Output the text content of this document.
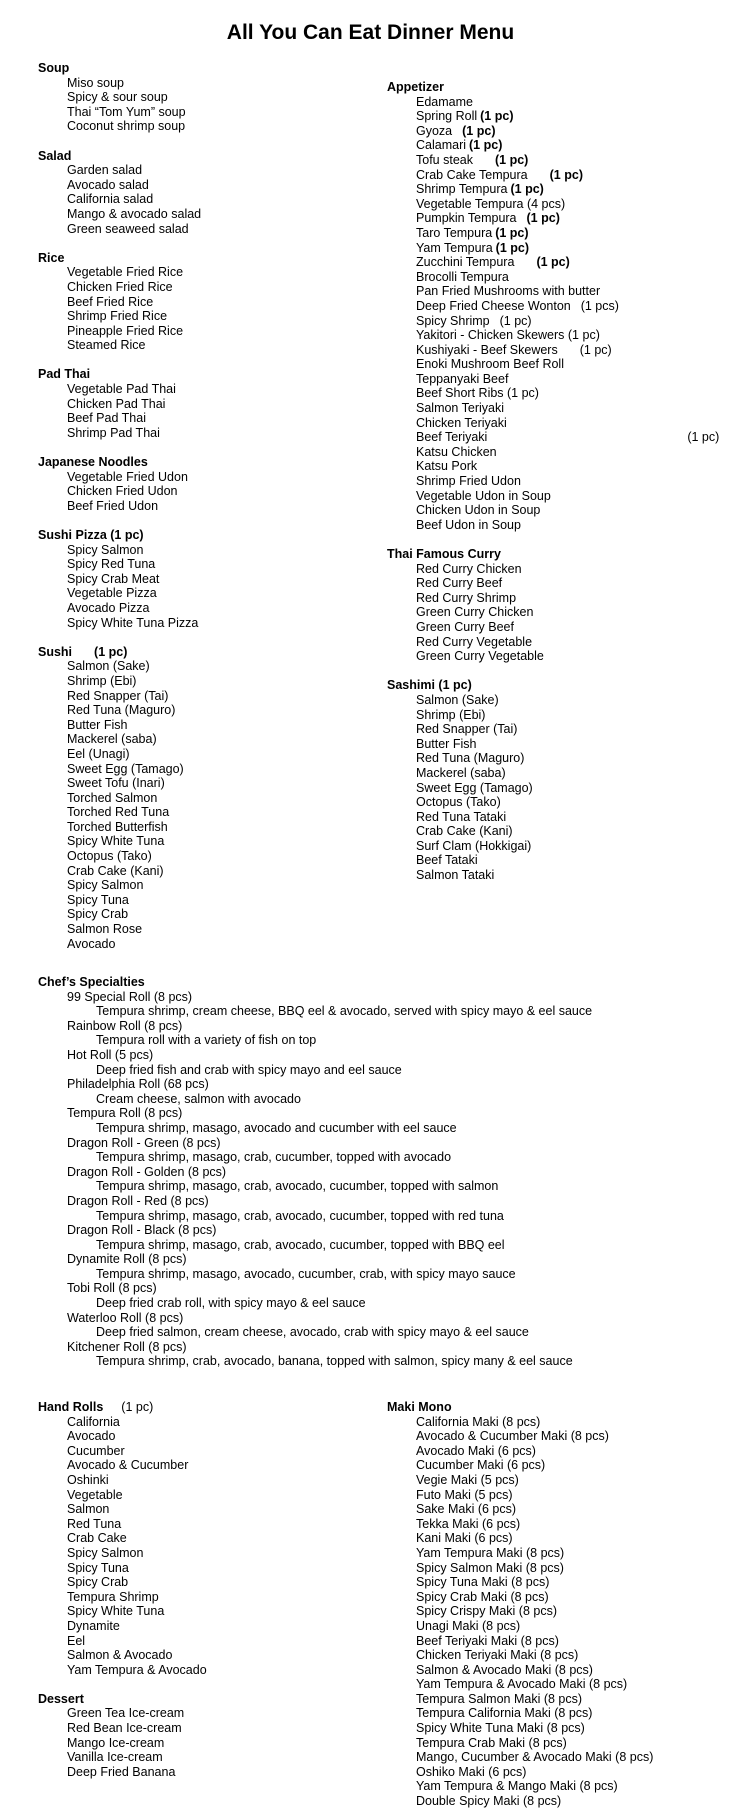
All You Can Eat Dinner Menu
Soup
Miso soup
Spicy & sour soup
Thai “Tom Yum” soup
Coconut shrimp soup
Salad
Garden salad
Avocado salad
California salad
Mango & avocado salad
Green seaweed salad
Rice
Vegetable Fried Rice
Chicken Fried Rice
Beef Fried Rice
Shrimp Fried Rice
Pineapple Fried Rice
Steamed Rice
Pad Thai
Vegetable Pad Thai
Chicken Pad Thai
Beef Pad Thai
Shrimp Pad Thai
Japanese Noodles
Vegetable Fried Udon
Chicken Fried Udon
Beef Fried Udon
Sushi Pizza (1 pc)
Spicy Salmon
Spicy Red Tuna
Spicy Crab Meat
Vegetable Pizza
Avocado Pizza
Spicy White Tuna Pizza
Sushi (1 pc)
Salmon (Sake)
Shrimp (Ebi)
Red Snapper (Tai)
Red Tuna (Maguro)
Butter Fish
Mackerel (saba)
Eel (Unagi)
Sweet Egg (Tamago)
Sweet Tofu (Inari)
Torched Salmon
Torched Red Tuna
Torched Butterfish
Spicy White Tuna
Octopus (Tako)
Crab Cake (Kani)
Spicy Salmon
Spicy Tuna
Spicy Crab
Salmon Rose
Avocado
Appetizer
Edamame
Spring Roll (1 pc)
Gyoza (1 pc)
Calamari (1 pc)
Tofu steak (1 pc)
Crab Cake Tempura (1 pc)
Shrimp Tempura (1 pc)
Vegetable Tempura (4 pcs)
Pumpkin Tempura (1 pc)
Taro Tempura (1 pc)
Yam Tempura (1 pc)
Zucchini Tempura (1 pc)
Brocolli Tempura
Pan Fried Mushrooms with butter
Deep Fried Cheese Wonton (1 pcs)
Spicy Shrimp (1 pc)
Yakitori - Chicken Skewers (1 pc)
Kushiyaki - Beef Skewers (1 pc)
Enoki Mushroom Beef Roll
Teppanyaki Beef
Beef Short Ribs (1 pc)
Salmon Teriyaki
Chicken Teriyaki
Beef Teriyaki	(1 pc)
Katsu Chicken
Katsu Pork
Shrimp Fried Udon
Vegetable Udon in Soup
Chicken Udon in Soup
Beef Udon in Soup
Thai Famous Curry
Red Curry Chicken
Red Curry Beef
Red Curry Shrimp
Green Curry Chicken
Green Curry Beef
Red Curry Vegetable
Green Curry Vegetable
Sashimi (1 pc)
Salmon (Sake)
Shrimp (Ebi)
Red Snapper (Tai)
Butter Fish
Red Tuna (Maguro)
Mackerel (saba)
Sweet Egg (Tamago)
Octopus (Tako)
Red Tuna Tataki
Crab Cake (Kani)
Surf Clam (Hokkigai)
Beef Tataki
Salmon Tataki
Chef’s Specialties
99 Special Roll (8 pcs)
Tempura shrimp, cream cheese, BBQ eel & avocado, served with spicy mayo & eel sauce
Rainbow Roll (8 pcs)
Tempura roll with a variety of fish on top
Hot Roll (5 pcs)
Deep fried fish and crab with spicy mayo and eel sauce
Philadelphia Roll (68 pcs)
Cream cheese, salmon with avocado
Tempura Roll (8 pcs)
Tempura shrimp, masago, avocado and cucumber with eel sauce
Dragon Roll - Green (8 pcs)
Tempura shrimp, masago, crab, cucumber, topped with avocado
Dragon Roll - Golden (8 pcs)
Tempura shrimp, masago, crab, avocado, cucumber, topped with salmon
Dragon Roll - Red (8 pcs)
Tempura shrimp, masago, crab, avocado, cucumber, topped with red tuna
Dragon Roll - Black (8 pcs)
Tempura shrimp, masago, crab, avocado, cucumber, topped with BBQ eel
Dynamite Roll (8 pcs)
Tempura shrimp, masago, avocado, cucumber, crab, with spicy mayo sauce
Tobi Roll (8 pcs)
Deep fried crab roll, with spicy mayo & eel sauce
Waterloo Roll (8 pcs)
Deep fried salmon, cream cheese, avocado, crab with spicy mayo & eel sauce
Kitchener Roll (8 pcs)
Tempura shrimp, crab, avocado, banana, topped with salmon, spicy many & eel sauce
Hand Rolls (1 pc)
California
Avocado
Cucumber
Avocado & Cucumber
Oshinki
Vegetable
Salmon
Red Tuna
Crab Cake
Spicy Salmon
Spicy Tuna
Spicy Crab
Tempura Shrimp
Spicy White Tuna
Dynamite
Eel
Salmon & Avocado
Yam Tempura & Avocado
Dessert
Green Tea Ice-cream
Red Bean Ice-cream
Mango Ice-cream
Vanilla Ice-cream
Deep Fried Banana
Maki Mono
California Maki (8 pcs)
Avocado & Cucumber Maki (8 pcs)
Avocado Maki (6 pcs)
Cucumber Maki (6 pcs)
Vegie Maki (5 pcs)
Futo Maki (5 pcs)
Sake Maki (6 pcs)
Tekka Maki (6 pcs)
Kani Maki (6 pcs)
Yam Tempura Maki (8 pcs)
Spicy Salmon Maki (8 pcs)
Spicy Tuna Maki (8 pcs)
Spicy Crab Maki (8 pcs)
Spicy Crispy Maki (8 pcs)
Unagi Maki (8 pcs)
Beef Teriyaki Maki (8 pcs)
Chicken Teriyaki Maki (8 pcs)
Salmon & Avocado Maki (8 pcs)
Yam Tempura & Avocado Maki (8 pcs)
Tempura Salmon Maki (8 pcs)
Tempura California Maki (8 pcs)
Spicy White Tuna Maki (8 pcs)
Tempura Crab Maki (8 pcs)
Mango, Cucumber & Avocado Maki (8 pcs)
Oshiko Maki (6 pcs)
Yam Tempura & Mango Maki (8 pcs)
Double Spicy Maki (8 pcs)
